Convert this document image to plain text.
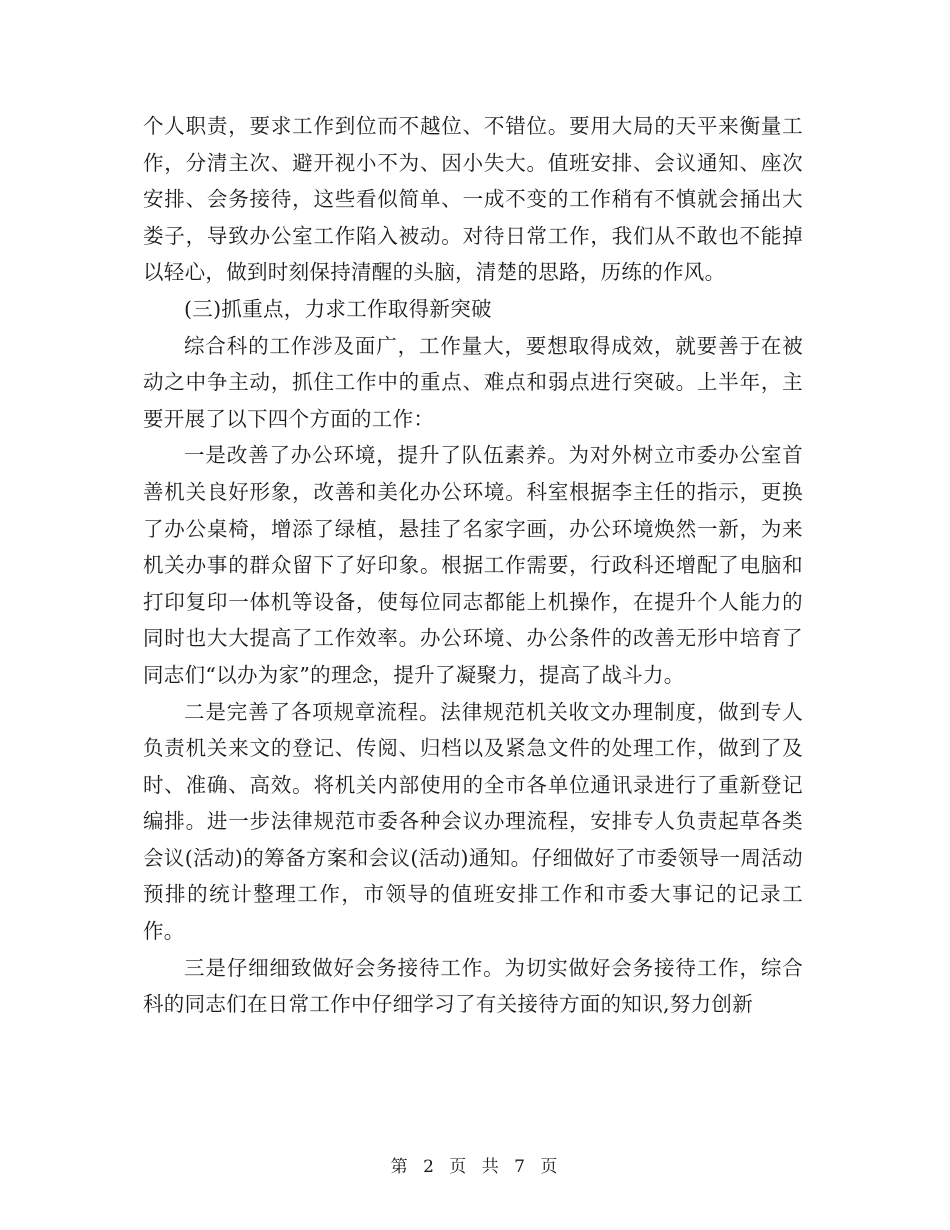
个人职责，要求工作到位而不越位、不错位。要用大局的天平来衡量工作，分清主次、避开视小不为、因小失大。值班安排、会议通知、座次安排、会务接待，这些看似简单、一成不变的工作稍有不慎就会捅出大娄子，导致办公室工作陷入被动。对待日常工作，我们从不敢也不能掉以轻心，做到时刻保持清醒的头脑，清楚的思路，历练的作风。

(三)抓重点，力求工作取得新突破

综合科的工作涉及面广，工作量大，要想取得成效，就要善于在被动之中争主动，抓住工作中的重点、难点和弱点进行突破。上半年，主要开展了以下四个方面的工作：

一是改善了办公环境，提升了队伍素养。为对外树立市委办公室首善机关良好形象，改善和美化办公环境。科室根据李主任的指示，更换了办公桌椅，增添了绿植，悬挂了名家字画，办公环境焕然一新，为来机关办事的群众留下了好印象。根据工作需要，行政科还增配了电脑和打印复印一体机等设备，使每位同志都能上机操作，在提升个人能力的同时也大大提高了工作效率。办公环境、办公条件的改善无形中培育了同志们“以办为家”的理念，提升了凝聚力，提高了战斗力。

二是完善了各项规章流程。法律规范机关收文办理制度，做到专人负责机关来文的登记、传阅、归档以及紧急文件的处理工作，做到了及时、准确、高效。将机关内部使用的全市各单位通讯录进行了重新登记编排。进一步法律规范市委各种会议办理流程，安排专人负责起草各类会议(活动)的筹备方案和会议(活动)通知。仔细做好了市委领导一周活动预排的统计整理工作，市领导的值班安排工作和市委大事记的记录工作。

三是仔细细致做好会务接待工作。为切实做好会务接待工作，综合科的同志们在日常工作中仔细学习了有关接待方面的知识,努力创新

第 2 页 共 7 页
